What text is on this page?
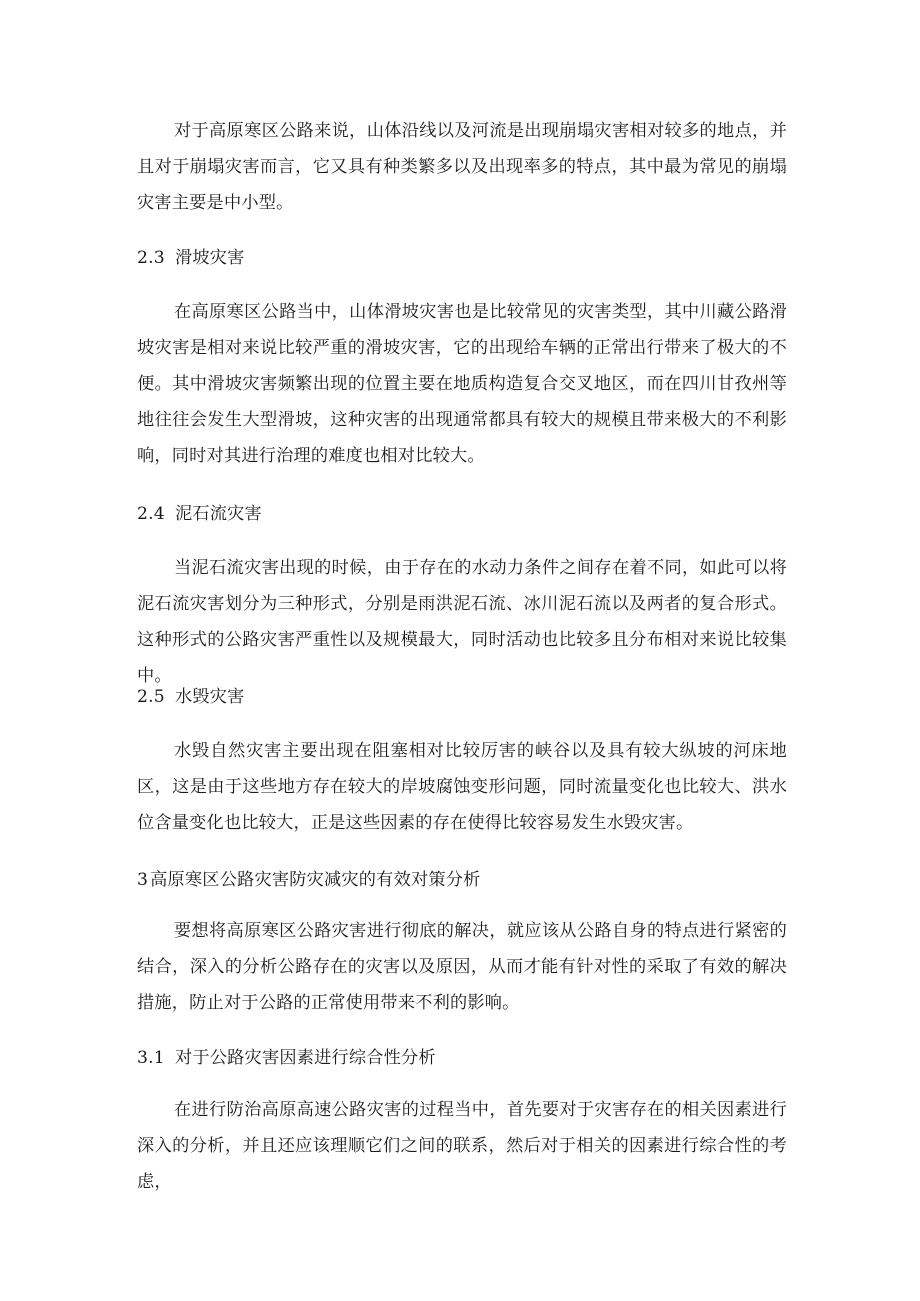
对于高原寒区公路来说，山体沿线以及河流是出现崩塌灾害相对较多的地点，并且对于崩塌灾害而言，它又具有种类繁多以及出现率多的特点，其中最为常见的崩塌灾害主要是中小型。

2.3 滑坡灾害

在高原寒区公路当中，山体滑坡灾害也是比较常见的灾害类型，其中川藏公路滑坡灾害是相对来说比较严重的滑坡灾害，它的出现给车辆的正常出行带来了极大的不便。其中滑坡灾害频繁出现的位置主要在地质构造复合交叉地区，而在四川甘孜州等地往往会发生大型滑坡，这种灾害的出现通常都具有较大的规模且带来极大的不利影响，同时对其进行治理的难度也相对比较大。

2.4 泥石流灾害

当泥石流灾害出现的时候，由于存在的水动力条件之间存在着不同，如此可以将泥石流灾害划分为三种形式，分别是雨洪泥石流、冰川泥石流以及两者的复合形式。这种形式的公路灾害严重性以及规模最大，同时活动也比较多且分布相对来说比较集中。

2.5 水毁灾害

水毁自然灾害主要出现在阻塞相对比较厉害的峡谷以及具有较大纵坡的河床地区，这是由于这些地方存在较大的岸坡腐蚀变形问题，同时流量变化也比较大、洪水位含量变化也比较大，正是这些因素的存在使得比较容易发生水毁灾害。

3 高原寒区公路灾害防灾减灾的有效对策分析

要想将高原寒区公路灾害进行彻底的解决，就应该从公路自身的特点进行紧密的结合，深入的分析公路存在的灾害以及原因，从而才能有针对性的采取了有效的解决措施，防止对于公路的正常使用带来不利的影响。

3.1 对于公路灾害因素进行综合性分析

在进行防治高原高速公路灾害的过程当中，首先要对于灾害存在的相关因素进行深入的分析，并且还应该理顺它们之间的联系，然后对于相关的因素进行综合性的考虑，
